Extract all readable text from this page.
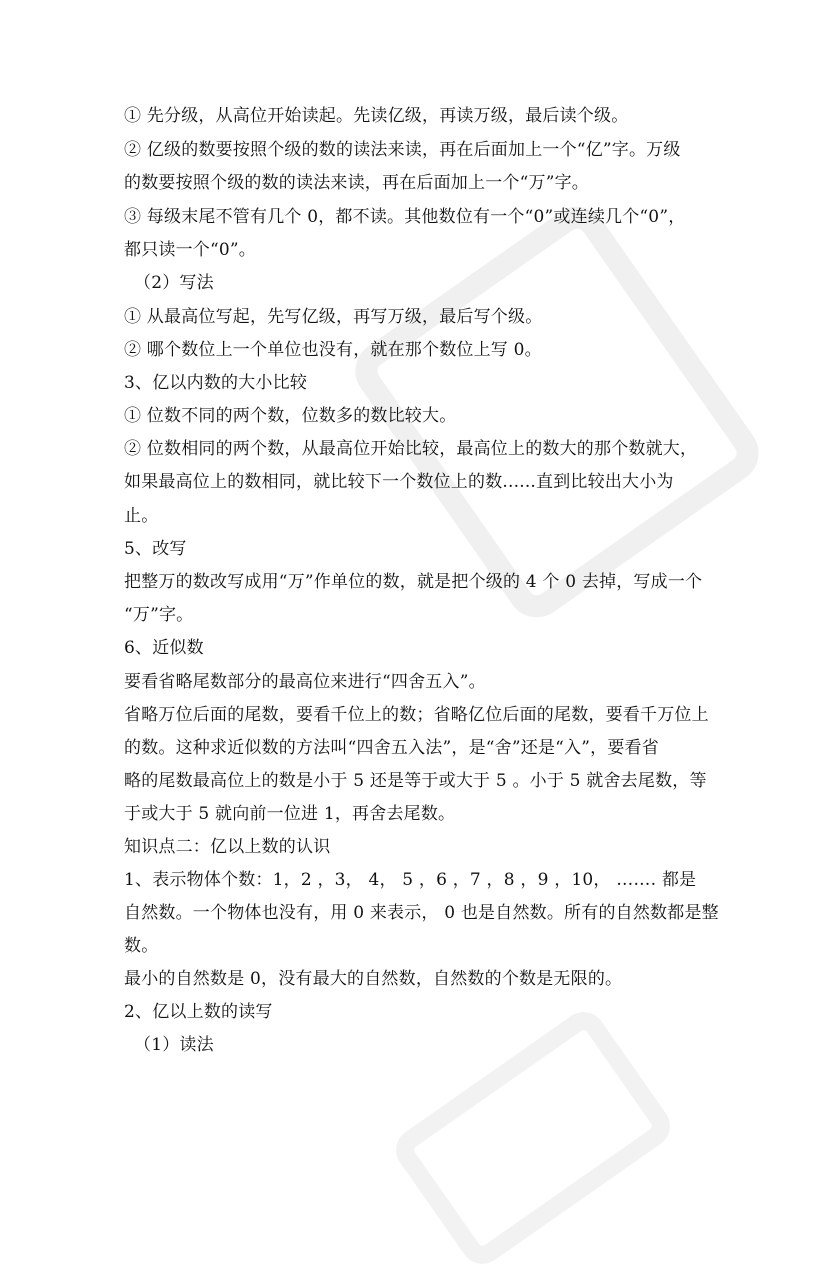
① 先分级，从高位开始读起。先读亿级，再读万级，最后读个级。
② 亿级的数要按照个级的数的读法来读，再在后面加上一个“亿”字。万级
的数要按照个级的数的读法来读，再在后面加上一个“万”字。
③ 每级末尾不管有几个 0，都不读。其他数位有一个“0”或连续几个“0”，
都只读一个“0”。
（2）写法
① 从最高位写起，先写亿级，再写万级，最后写个级。
② 哪个数位上一个单位也没有，就在那个数位上写 0。
3、亿以内数的大小比较
① 位数不同的两个数，位数多的数比较大。
② 位数相同的两个数，从最高位开始比较，最高位上的数大的那个数就大，
如果最高位上的数相同，就比较下一个数位上的数......直到比较出大小为
止。
5、改写
把整万的数改写成用“万”作单位的数，就是把个级的 4 个 0 去掉，写成一个
“万”字。
6、近似数
要看省略尾数部分的最高位来进行“四舍五入”。
省略万位后面的尾数，要看千位上的数；省略亿位后面的尾数，要看千万位上
的数。这种求近似数的方法叫“四舍五入法”，是“舍”还是“入”，要看省
略的尾数最高位上的数是小于 5 还是等于或大于 5 。小于 5 就舍去尾数，等
于或大于 5 就向前一位进 1，再舍去尾数。
知识点二：亿以上数的认识
1、表示物体个数：1，2 ，3， 4， 5 ，6 ，7 ，8 ，9 ，10， ……. 都是
自然数。一个物体也没有，用 0 来表示， 0 也是自然数。所有的自然数都是整
数。
最小的自然数是 0，没有最大的自然数，自然数的个数是无限的。
2、亿以上数的读写
（1）读法
